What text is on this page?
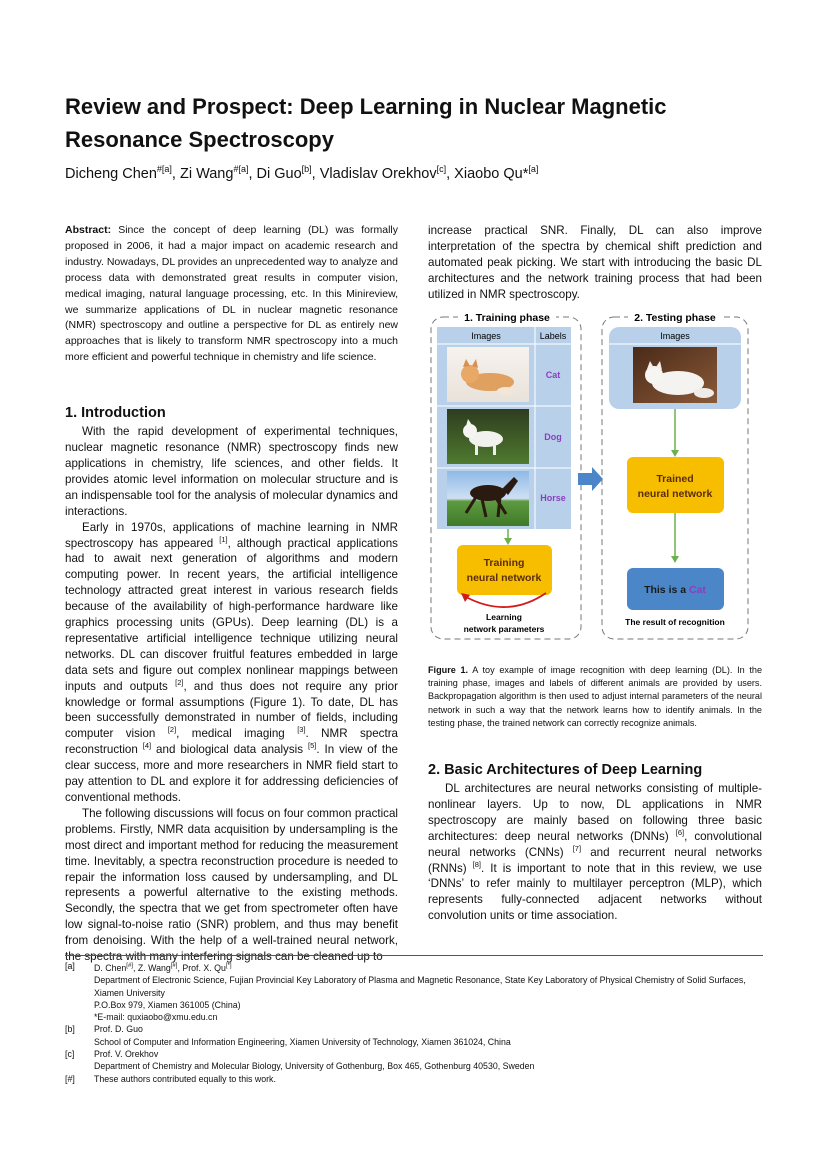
Review and Prospect: Deep Learning in Nuclear Magnetic Resonance Spectroscopy

Dicheng Chen$^{\#[a]}$, Zi Wang$^{\#[a]}$, Di Guo[b], Vladislav Orekhov[c], Xiaobo Qu*[a]

Abstract: Since the concept of deep learning (DL) was formally proposed in 2006, it had a major impact on academic research and industry. Nowadays, DL provides an unprecedented way to analyze and process data with demonstrated great results in computer vision, medical imaging, natural language processing, etc. In this Minireview, we summarize applications of DL in nuclear magnetic resonance (NMR) spectroscopy and outline a perspective for DL as entirely new approaches that is likely to transform NMR spectroscopy into a much more efficient and powerful technique in chemistry and life science.

1. Introduction

With the rapid development of experimental techniques, nuclear magnetic resonance (NMR) spectroscopy finds new applications in chemistry, life sciences, and other fields. It provides atomic level information on molecular structure and is an indispensable tool for the analysis of molecular dynamics and interactions.

Early in 1970s, applications of machine learning in NMR spectroscopy has appeared [1], although practical applications had to await next generation of algorithms and modern computing power. In recent years, the artificial intelligence technology attracted great interest in various research fields because of the availability of high-performance hardware like graphics processing units (GPUs). Deep learning (DL) is a representative artificial intelligence technique utilizing neural networks. DL can discover fruitful features embedded in large data sets and figure out complex nonlinear mappings between inputs and outputs [2], and thus does not require any prior knowledge or formal assumptions (Figure 1). To date, DL has been successfully demonstrated in number of fields, including computer vision [2], medical imaging [3]. NMR spectra reconstruction [4] and biological data analysis [5]. In view of the clear success, more and more researchers in NMR field start to pay attention to DL and explore it for addressing deficiencies of conventional methods.

The following discussions will focus on four common practical problems. Firstly, NMR data acquisition by undersampling is the most direct and important method for reducing the measurement time. Inevitably, a spectra reconstruction procedure is needed to repair the information loss caused by undersampling, and DL represents a powerful alternative to the existing methods. Secondly, the spectra that we get from spectrometer often have low signal-to-noise ratio (SNR) problem, and thus may benefit from denoising. With the help of a well-trained neural network, the spectra with many interfering signals can be cleaned up to

increase practical SNR. Finally, DL can also improve interpretation of the spectra by chemical shift prediction and automated peak picking. We start with introducing the basic DL architectures and the network training process that had been utilized in NMR spectroscopy.

1. Training phase
Images	Labels
Cat
Dog
Horse
Training
neural network
Learning
network parameters
2. Testing phase
Images
Trained
neural network
This is a Cat
The result of recognition

Figure 1. A toy example of image recognition with deep learning (DL). In the training phase, images and labels of different animals are provided by users. Backpropagation algorithm is then used to adjust internal parameters of the neural network in such a way that the network learns how to identify animals. In the testing phase, the trained network can correctly recognize animals.

2. Basic Architectures of Deep Learning

DL architectures are neural networks consisting of multiple-nonlinear layers. Up to now, DL applications in NMR spectroscopy are mainly based on following three basic architectures: deep neural networks (DNNs) [6], convolutional neural networks (CNNs) [7] and recurrent neural networks (RNNs) [8]. It is important to note that in this review, we use ‘DNNs’ to refer mainly to multilayer perceptron (MLP), which represents fully-connected adjacent networks without convolution units or time association.

[a]	D. Chen[#], Z. Wang[#], Prof. X. Qu[*]
Department of Electronic Science, Fujian Provincial Key Laboratory of Plasma and Magnetic Resonance, State Key Laboratory of Physical Chemistry of Solid Surfaces, Xiamen University
P.O.Box 979, Xiamen 361005 (China)
*E-mail: quxiaobo@xmu.edu.cn
[b]	Prof. D. Guo
School of Computer and Information Engineering, Xiamen University of Technology, Xiamen 361024, China
[c]	Prof. V. Orekhov
Department of Chemistry and Molecular Biology, University of Gothenburg, Box 465, Gothenburg 40530, Sweden
[#]	These authors contributed equally to this work.
